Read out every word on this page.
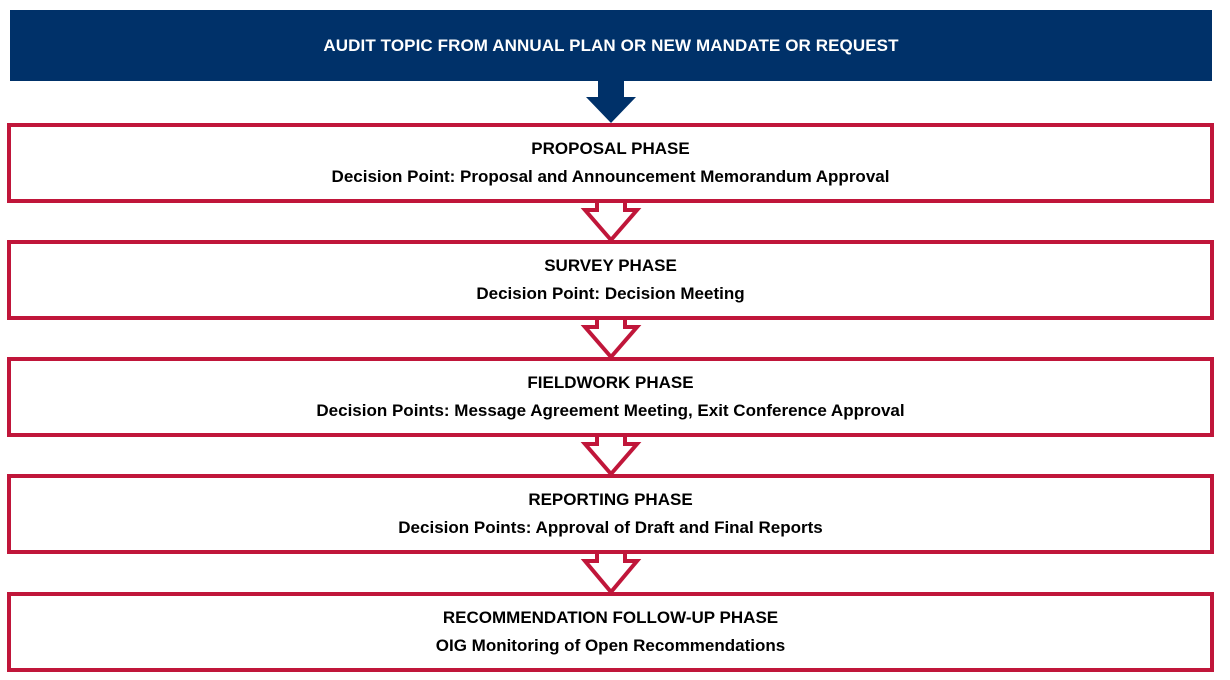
AUDIT TOPIC FROM ANNUAL PLAN OR NEW MANDATE OR REQUEST
PROPOSAL PHASE
Decision Point: Proposal and Announcement Memorandum Approval
SURVEY PHASE
Decision Point: Decision Meeting
FIELDWORK PHASE
Decision Points: Message Agreement Meeting, Exit Conference Approval
REPORTING PHASE
Decision Points: Approval of Draft and Final Reports
RECOMMENDATION FOLLOW-UP PHASE
OIG Monitoring of Open Recommendations
